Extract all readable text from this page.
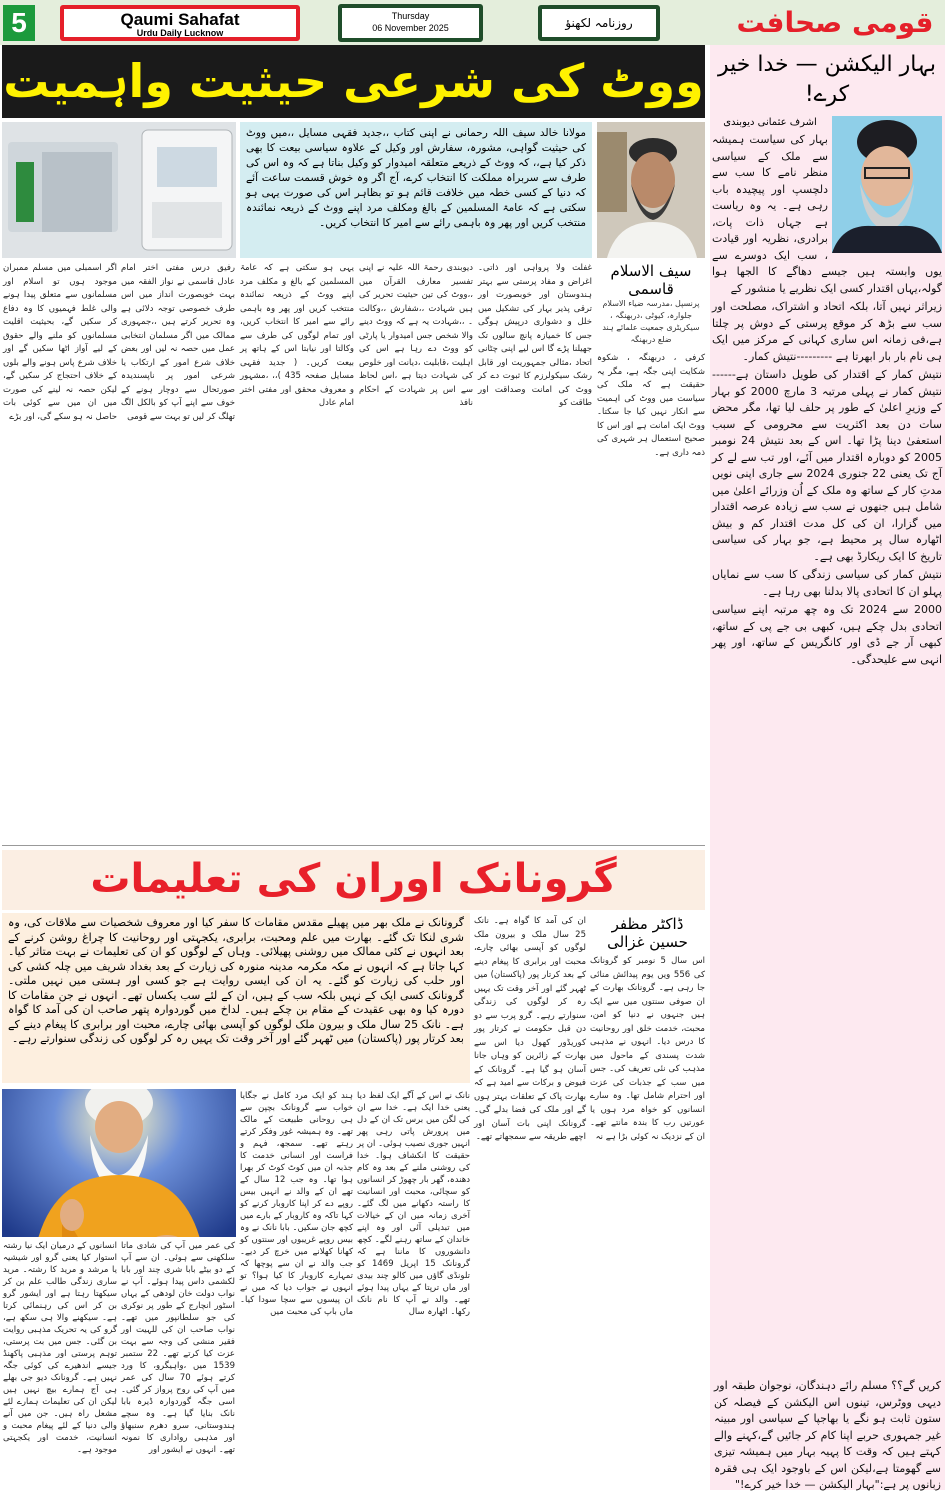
5	Qaumi Sahafat
Urdu Daily Lucknow
Thursday
06 November 2025	روزنامہ لکھنؤ	قومی صحافت
ووٹ کی شرعی حیثیت واہمیت
مولانا خالد سیف اللہ رحمانی نے اپنی کتاب ،،جدید فقہی مسایل ،،میں ووٹ کی حیثیت گواہی، مشورہ، سفارش اور وکیل کے علاوہ سیاسی بیعت کا بھی ذکر کیا ہے،، کہ ووٹ کے ذریعے متعلقہ امیدوار کو وکیل بناتا ہے کہ وہ اس کی طرف سے سربراہ مملکت کا انتخاب کرے، آج اگر وہ خوش قسمت ساعت آئے کہ دنیا کے کسی خطہ میں خلافت قائم ہو تو بظاہر اس کی صورت یہی ہو سکتی ہے کہ عامۃ المسلمین کے بالغ ومکلف مرد اپنے ووٹ کے ذریعہ نمائندہ منتخب کریں اور پھر وہ باہمی رائے سے امیر کا انتخاب کریں۔
اگر اسمبلی میں مسلم ممبران موجود ہوں تو اسلام اور مسلمانوں سے متعلق پیدا ہونے والی غلط فہمیوں کا وہ دفاع کر سکیں گے، بحیثیت اقلیت مسلمانوں کو ملنے والے حقوق کے لیے آواز اٹھا سکیں گے اور خلاف شرع پاس ہونے والے بلوں کے خلاف احتجاج کر سکیں گے، لیکن حصہ نہ لینے کی صورت میں ان میں سے کوئی بات حاصل نہ ہو سکے گی، اور بڑے
رفیق درس مفتی اختر امام عادل قاسمی نے نواز الفقہ میں بہت خوبصورت انداز میں اس طرف خصوصی توجہ دلائی ہے وہ تحریر کرتے ہیں ،،جمہوری ممالک میں اگر مسلمان انتخابی عمل میں حصہ نہ لیں اور بعض خلاف شرع امور کے ارتکاب یا شرعی امور پر ناپسندیدہ صورتحال سے دوچار ہونے کے خوف سے اپنے آپ کو بالکل الگ تھلگ کر لیں تو بہت سے قومی
یہی ہو سکتی ہے کہ عامۃ المسلمین کے بالغ و مکلف مرد اپنے ووٹ کے ذریعہ نمائندہ منتخب کریں اور پھر وہ باہمی رائے سے امیر کا انتخاب کریں، اور تمام لوگوں کی طرف سے وکالتا اور نیابتا اس کے ہاتھ پر بیعت کریں۔ ( جدید فقہی مسایل صفحہ 435 )،، ،مشہور و معروف محقق اور مفتی اختر امام عادل
دیوبندی رحمۃ اللہ علیہ نے اپنی تفسیر معارف القرآن میں ،،ووٹ کی تین حیثیت تحریر کی ہیں شہادت ،،شفارش ،،وکالت ۔ ،،شہادت یہ ہے کہ ووٹ دینے والا شخص جس امیدوار یا پارٹی کو ووٹ دے رہا ہے اس کی اہلیت ،قابلیت ،دیانت اور خلوص کی شہادت دیتا ہے ،اس لحاظ سے اس پر شہادت کے احکام نافذ
غفلت ولا پرواہی اور ذاتی۔ اغراض و مفاد پرستی سے بہتر ہندوستان اور خوبصورت اور ترقی پذیر بہار کی تشکیل میں خلل و دشواری درپیش ہوگی جس کا خمیازہ پانچ سالوں تک جھیلنا پڑے گا اس لیے اپنی چٹانی اتحاد ،مثالی جمہوریت اور قابل رشک سیکولرزم کا ثبوت دے کر ووٹ کی امانت وصداقت اور طاقت کو
سیف الاسلام قاسمی
پرنسپل ،مدرسہ ضیاء الاسلام جلوارہ، کیوٹی ،دربھنگہ ، سیکریٹری جمعیت علمائے ہند ضلع دربھنگہ
کرفی ، دربھنگہ ، شکوہ شکایت اپنی جگہ ہے، مگر یہ حقیقت ہے کہ ملک کی سیاست میں ووٹ کی اہمیت سے انکار نہیں کیا جا سکتا۔ ووٹ ایک امانت ہے اور اس کا صحیح استعمال ہر شہری کی ذمہ داری ہے۔
بہار الیکشن — خدا خیر کرے!
اشرف عثمانی دیوبندی

بہار کی سیاست ہمیشہ سے ملک کے سیاسی منظر نامے کا سب سے دلچسپ اور پیچیدہ باب رہی ہے۔ یہ وہ ریاست ہے جہاں ذات پات، برادری، نظریہ اور قیادت ، سب ایک دوسرے سے یوں وابستہ ہیں جیسے دھاگے کا الجھا ہوا گولہ،یہاں اقتدار کسی ایک نظریے یا منشور کے

زیراثر نہیں آتا، بلکہ اتحاد و اشتراک، مصلحت اور سب سے بڑھ کر موقع پرستی کے دوش پر چلتا ہے،فی زمانہ اس ساری کہانی کے مرکز میں ایک ہی نام بار بار ابھرتا ہے ---------نتیش کمار۔

نتیش کمار کے اقتدار کی طویل داستان ہے------نتیش کمار نے پہلی مرتبہ 3 مارچ 2000 کو بہار کے وزیرِ اعلیٰ کے طور پر حلف لیا تھا، مگر محض سات دن بعد اکثریت سے محرومی کے سبب استعفیٰ دینا پڑا تھا۔ اس کے بعد نتیش 24 نومبر 2005 کو دوبارہ اقتدار میں آئے، اور تب سے لے کر آج تک یعنی 22 جنوری 2024 سے جاری اپنی نویں مدتِ کار کے ساتھ وہ ملک کے اُن وزرائے اعلیٰ میں شامل ہیں جنھوں نے سب سے زیادہ عرصہ اقتدار میں گزارا، ان کی کل مدت اقتدار کم و بیش اٹھارہ سال پر محیط ہے، جو بہار کی سیاسی تاریخ کا ایک ریکارڈ بھی ہے۔

نتیش کمار کی سیاسی زندگی کا سب سے نمایاں پہلو ان کا اتحادی پالا بدلنا بھی رہا ہے۔

2000 سے 2024 تک وہ چھ مرتبہ اپنے سیاسی اتحادی بدل چکے ہیں، کبھی بی جے پی کے ساتھ، کبھی آر جے ڈی اور کانگریس کے ساتھ، اور پھر انہی سے علیحدگی۔

کریں گے؟؟ مسلم رائے دہندگان، نوجوان طبقہ اور دیہی ووٹرس، تینوں اس الیکشن کے فیصلہ کن ستون ثابت ہو نگے یا بھاجپا کے سیاسی اور مبینہ غیر جمہوری حربے اپنا کام کر جائیں گے،کہنے والے کہتے ہیں کہ وقت کا پہیہ بہار میں ہمیشہ تیزی سے گھومتا ہے،لیکن اس کے باوجود ایک ہی فقرہ زبانوں پر ہے:"بہار الیکشن — خدا خیر کرے!"
گرونانک اوران کی تعلیمات
گرونانک نے ملک بھر میں پھیلے مقدس مقامات کا سفر کیا اور معروف شخصیات سے ملاقات کی، وہ شری لنکا تک گئے۔ بھارت میں علم ومحبت، برابری، یکجہتی اور روحانیت کا چراغ روشن کرنے کے بعد انہوں نے کئی ممالک میں روشنی پھیلائی۔ وہاں کے لوگوں کو ان کی تعلیمات نے بہت متاثر کیا۔ کہا جاتا ہے کہ انہوں نے مکہ مکرمہ مدینہ منورہ کی زیارت کے بعد بغداد شریف میں چلہ کشی کی اور حلب کی زیارت کو گئے۔ یہ ان کی ایسی روایت ہے جو کسی اور ہستی میں نہیں ملتی۔ گرونانک کسی ایک کے نہیں بلکہ سب کے ہیں، ان کے لئے سب یکساں تھے۔ انہوں نے جن مقامات کا دورہ کیا وہ بھی عقیدت کے مقام بن چکے ہیں۔ لداخ میں گوردوارہ پتھر صاحب ان کی آمد کا گواہ ہے۔ نانک 25 سال ملک و بیرون ملک لوگوں کو آپسی بھائی چارے، محبت اور برابری کا پیغام دینے کے بعد کرتار پور (پاکستان) میں ٹھہر گئے اور آخر وقت تک یہیں رہ کر لوگوں کی زندگی سنوارتے رہے۔
ڈاکٹر مظفر حسین غزالی
اس سال 5 نومبر کو گرونانک کی 556 ویں یوم پیدائش منائی جا رہی ہے۔ گرونانک بھارت کے ان صوفی سنتوں میں سے ایک ہیں جنہوں نے دنیا کو امن، محبت، خدمت خلق اور روحانیت کا درس دیا۔ انہوں نے مذہبی شدت پسندی کے ماحول میں مذہب کی نئی تعریف کی۔ جس میں سب کے جذبات کی عزت اور احترام شامل تھا۔ وہ سارے انسانوں کو خواہ مرد ہوں یا عورتیں رب کا بندہ مانتے تھے۔ ان کے نزدیک نہ کوئی بڑا ہے نہ
ان کی آمد کا گواہ ہے۔ نانک 25 سال ملک و بیرون ملک لوگوں کو آپسی بھائی چارے، محبت اور برابری کا پیغام دینے کے بعد کرتار پور (پاکستان) میں ٹھہر گئے اور آخر وقت تک یہیں رہ کر لوگوں کی زندگی سنوارتے رہے۔ گرو پرب سے دو دن قبل حکومت نے کرتار پور کوریڈور کھول دیا اس سے بھارت کے زائرین کو وہاں جانا آسان ہو گیا ہے۔ گرونانک کے فیوض و برکات سے امید ہے کہ بھارت پاک کے تعلقات بہتر ہوں گے اور ملک کی فضا بدلے گی۔ گرونانک اپنی بات آسان اور اچھے طریقہ سے سمجھاتے تھے۔
ہند کو ایک مرد کامل نے جگایا خواب سے گرونانک بچپن سے ہی روحانی طبیعت کے مالک تھے۔ وہ ہمیشہ غور وفکر کرتے رہتے تھے۔ سمجھ، فہم و فراست اور انسانی خدمت کا جذبہ ان میں کوٹ کوٹ کر بھرا ہوا تھا۔ وہ جب 12 سال کے تھے ان کے والد نے انہیں بیس روپے دے کر اپنا کاروبار کرنے کو کہا تاکہ وہ کاروبار کے بارے میں کچھ جان سکیں۔ بابا نانک نے وہ بیس روپے غریبوں اور سنتوں کو کھانا کھلانے میں خرچ کر دیے۔ جب والد نے ان سے پوچھا کہ تمہارے کاروبار کا کیا ہوا؟ تو انہوں نے جواب دیا کہ میں نے ان پیسوں سے سچا سودا کیا۔ ماں باپ کی محبت میں
نانک نے اس کے آگے ایک لفظ دیا یعنی خدا ایک ہے۔ خدا سے ان کی لگن میں برس تک ان کے دل میں پرورش پاتی رہی پھر انہیں جوری نصیب ہوئی۔ ان پر حقیقت کا انکشاف ہوا۔ خدا کی روشنی ملنے کے بعد وہ کام دھندہ، گھر بار چھوڑ کر انسانوں کو سچائی، محبت اور انسانیت کا راستہ دکھانے میں لگ گئے۔ آخری زمانہ میں ان کے خیالات میں تبدیلی آئی اور وہ اپنے خاندان کے ساتھ رہنے لگے۔ کچھ دانشوروں کا ماننا ہے کہ گرونانک 15 اپریل 1469 کو تلونڈی گاؤں میں کالو چند بیدی اور ماں ترپتا کے یہاں پیدا ہوئے تھے۔ والد نے آپ کا نام نانک رکھا۔ اٹھارہ سال
کی عمر میں آپ کی شادی ماتا سلکھنی سے ہوئی۔ ان سے آپ کے دو بیٹے بابا شری چند اور بابا لکشمی داس پیدا ہوئے۔ آپ نے نواب دولت خان لودھی کے یہاں اسٹور انچارج کے طور پر نوکری کی جو سلطانپور میں تھے۔ نواب صاحب ان کی للہیت اور فقیر منشی کی وجہ سے بہت عزت کیا کرتے تھے۔ 22 ستمبر 1539 میں ،واہیگرو، کا ورد کرتے ہوئے 70 سال کی عمر میں آپ کی روح پرواز کر گئی۔ اسی جگہ گوردوارہ ڈیرہ بابا نانک بنایا گیا ہے۔ وہ سچے ہندوستانی، سرو دھرم سنبھاؤ اور مذہبی رواداری کا نمونہ تھے۔ انہوں نے ایشور اور
انسانوں کے درمیان ایک نیا رشتہ استوار کیا یعنی گرو اور شیشیہ یا مرشد و مرید کا رشتہ۔ مرید ساری زندگی طالب علم بن کر سیکھتا رہتا ہے اور ایشور گرو بن کر اس کی رہنمائی کرتا ہے۔ سیکھنے والا ہی سکھ ہے، گرو کی یہ تحریک مذہبی روایت بن گئی۔ جس میں بت پرستی، توہم پرستی اور مذہبی پاکھنڈ جیسے اندھیرے کی کوئی جگہ نہیں ہے۔ گرونانک دیو جی بھلے ہی آج ہمارے بیچ نہیں ہیں لیکن ان کی تعلیمات ہمارے لئے مشعل راہ ہیں۔ جن میں آنے والی دنیا کے لئے پیغام محبت و انسانیت، خدمت اور یکجہتی موجود ہے۔
